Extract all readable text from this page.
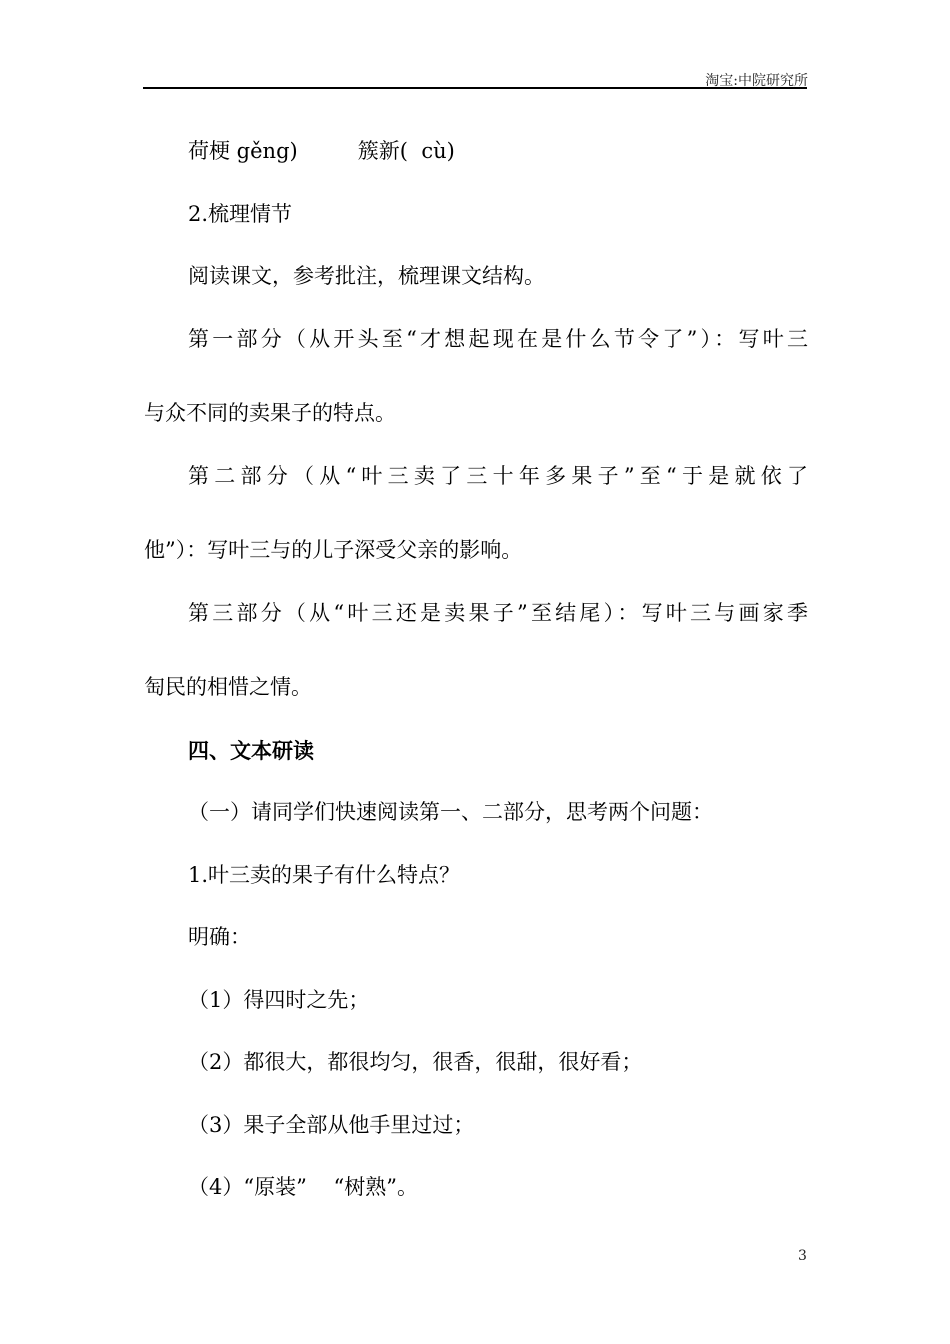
淘宝:中院研究所
荷梗 gěng)         簇新(  cù)
2.梳理情节
阅读课文，参考批注，梳理课文结构。
第一部分（从开头至“才想起现在是什么节令了”）：写叶三
与众不同的卖果子的特点。
第二部分（从“叶三卖了三十年多果子”至“于是就依了
他”）：写叶三与的儿子深受父亲的影响。
第三部分（从“叶三还是卖果子”至结尾）：写叶三与画家季
匋民的相惜之情。
四、文本研读
（一）请同学们快速阅读第一、二部分，思考两个问题：
1.叶三卖的果子有什么特点？
明确：
（1）得四时之先；
（2）都很大，都很均匀，很香，很甜，很好看；
（3）果子全部从他手里过过；
（4）“原装”    “树熟”。
3
